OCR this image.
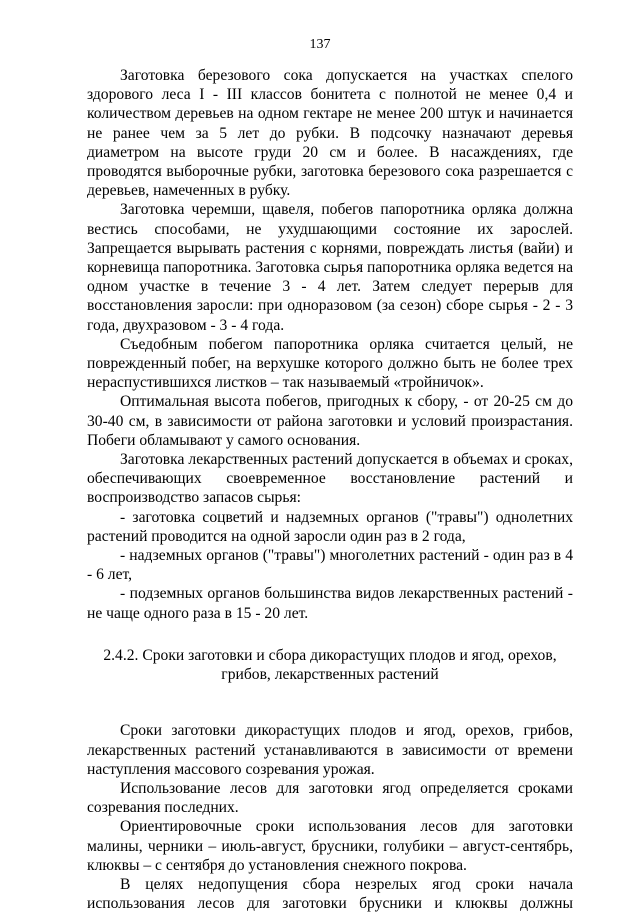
137

Заготовка березового сока допускается на участках спелого здорового леса I - III классов бонитета с полнотой не менее 0,4 и количеством деревьев на одном гектаре не менее 200 штук и начинается не ранее чем за 5 лет до рубки. В подсочку назначают деревья диаметром на высоте груди 20 см и более. В насаждениях, где проводятся выборочные рубки, заготовка березового сока разрешается с деревьев, намеченных в рубку.

Заготовка черемши, щавеля, побегов папоротника орляка должна вестись способами, не ухудшающими состояние их зарослей. Запрещается вырывать растения с корнями, повреждать листья (вайи) и корневища папоротника. Заготовка сырья папоротника орляка ведется на одном участке в течение 3 - 4 лет. Затем следует перерыв для восстановления заросли: при одноразовом (за сезон) сборе сырья - 2 - 3 года, двухразовом - 3 - 4 года.

Съедобным побегом папоротника орляка считается целый, не поврежденный побег, на верхушке которого должно быть не более трех нераспустившихся листков – так называемый «тройничок».

Оптимальная высота побегов, пригодных к сбору, - от 20-25 см до 30-40 см, в зависимости от района заготовки и условий произрастания. Побеги обламывают у самого основания.

Заготовка лекарственных растений допускается в объемах и сроках, обеспечивающих своевременное восстановление растений и воспроизводство запасов сырья:

- заготовка соцветий и надземных органов ("травы") однолетних растений проводится на одной заросли один раз в 2 года,

- надземных органов ("травы") многолетних растений - один раз в 4 - 6 лет,

- подземных органов большинства видов лекарственных растений - не чаще одного раза в 15 - 20 лет.

2.4.2. Сроки заготовки и сбора дикорастущих плодов и ягод, орехов,
грибов, лекарственных растений

Сроки заготовки дикорастущих плодов и ягод, орехов, грибов, лекарственных растений устанавливаются в зависимости от времени наступления массового созревания урожая.

Использование лесов для заготовки ягод определяется сроками созревания последних.

Ориентировочные сроки использования лесов для заготовки малины, черники – июль-август, брусники, голубики – август-сентябрь, клюквы – с сентября до установления снежного покрова.

В целях недопущения сбора незрелых ягод сроки начала использования лесов для заготовки брусники и клюквы должны
